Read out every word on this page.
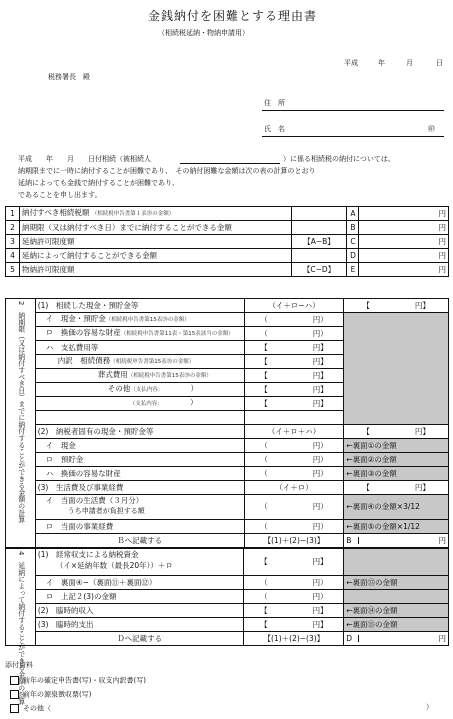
金銭納付を困難とする理由書
（相続税延納・物納申請用）
平成	年	月	日
税務署長　殿
住　所
氏　名	㊞
平成　　年　　月　　日付相続（被相続人	）に係る相続税の納付については、
納期限までに一時に納付することが困難であり、　その納付困難な金額は次の表の計算のとおり
延納によっても金銭で納付することが困難であり、
であることを申し出ます。
1	納付すべき相続税額 （相続税申告書第１表⑳の金額）		A	円
2	納期限（又は納付すべき日）までに納付することができる金額		B	円
3	延納許可限度額	【A−B】	C	円
4	延納によって納付することができる金額		D	円
5	物納許可限度額	【C−D】	E	円
2　納期限（又は納付すべき日）までに納付することができる金額の計算	(1)　相続した現金・預貯金等	（イ＋ロ−ハ）	【　　　　　　円】
	イ　現金・預貯金（相続税申告書第15表⑳の金額）	（　　　　　　円）	
	ロ　換価の容易な財産（相続税申告書第11表・第15表該当の金額）	（　　　　　　円）	
	ハ　支払費用等	【　　　　　　円】	
	内訳　相続債務（相続税申告書第15表⑳の金額）	【　　　　　　円】	
	葬式費用（相続税申告書第15表⑳の金額）	【　　　　　　円】	
	その他（支払内容： ）	【　　　　　　円】	
	（支払内容： ）	【　　　　　　円】	

	(2)　納税者固有の現金・預貯金等	（イ＋ロ＋ハ）	【　　　　　　円】
	イ　現金	（　　　　　　円）	←裏面①の金額
	ロ　預貯金	（　　　　　　円）	←裏面②の金額
	ハ　換価の容易な財産	（　　　　　　円）	←裏面③の金額
	(3)　生活費及び事業経費	（イ＋ロ）	【　　　　　　円】

	イ　当面の生活費（３月分）
うち申請者が負担する額	（　　　　　　円）	←裏面④の金額×3/12
	ロ　当面の事業経費	（　　　　　　円）	←裏面⑤の金額×1/12
	Ｂへ記載する	【(1)＋(2)−(3)】	B 円
4　延納によって納付することができる金額の計算	(1)　経常収支による納税資金
（イ×延納年数（最長20年））＋ロ	【　　　　　　円】	
	イ　裏面④−（裏面⑪＋裏面⑫）	（　　　　　　円）	←裏面⑬の金額
	ロ　上記２(3)の金額	（　　　　　　円）	
	(2)　臨時的収入	【　　　　　　円】	←裏面⑭の金額
	(3)　臨時的支出	【　　　　　　円】	←裏面⑮の金額
	Ｄへ記載する	【(1)＋(2)−(3)】	D 円
添付資料
前年の確定申告書(写)・収支内訳書(写)
前年の源泉徴収票(写)
その他（	）
